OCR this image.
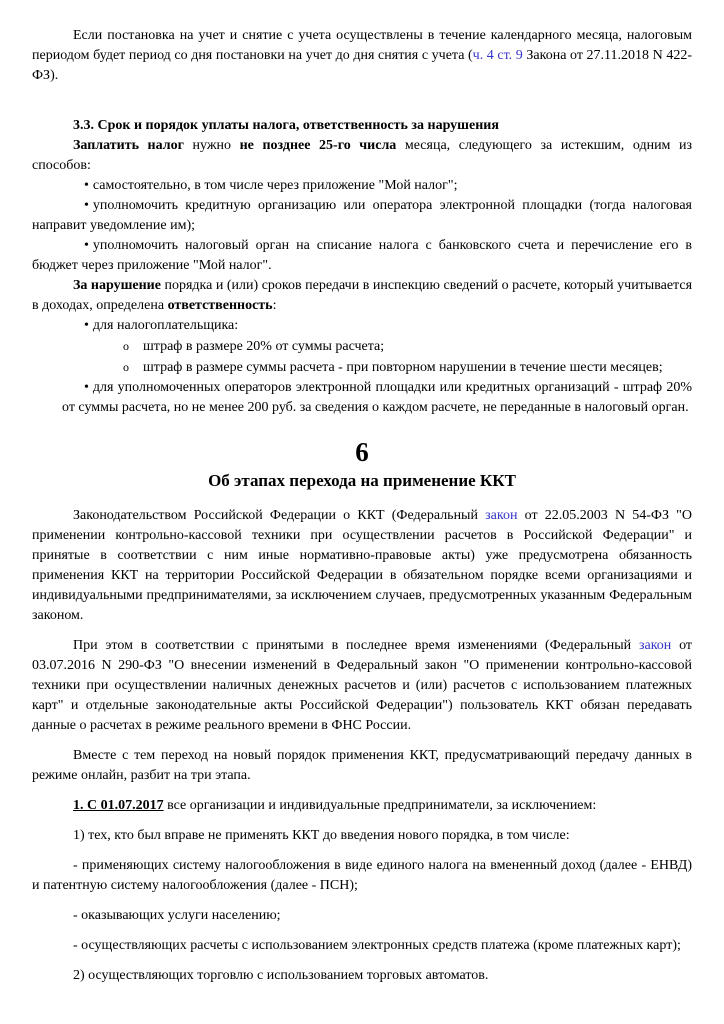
Если постановка на учет и снятие с учета осуществлены в течение календарного месяца, налоговым периодом будет период со дня постановки на учет до дня снятия с учета (ч. 4 ст. 9 Закона от 27.11.2018 N 422-ФЗ).
3.3. Срок и порядок уплаты налога, ответственность за нарушения
Заплатить налог нужно не позднее 25-го числа месяца, следующего за истекшим, одним из способов:
• самостоятельно, в том числе через приложение "Мой налог";
• уполномочить кредитную организацию или оператора электронной площадки (тогда налоговая направит уведомление им);
• уполномочить налоговый орган на списание налога с банковского счета и перечисление его в бюджет через приложение "Мой налог".
За нарушение порядка и (или) сроков передачи в инспекцию сведений о расчете, который учитывается в доходах, определена ответственность:
• для налогоплательщика:
o штраф в размере 20% от суммы расчета;
o штраф в размере суммы расчета - при повторном нарушении в течение шести месяцев;
• для уполномоченных операторов электронной площадки или кредитных организаций - штраф 20% от суммы расчета, но не менее 200 руб. за сведения о каждом расчете, не переданные в налоговый орган.
6
Об этапах перехода на применение ККТ
Законодательством Российской Федерации о ККТ (Федеральный закон от 22.05.2003 N 54-ФЗ "О применении контрольно-кассовой техники при осуществлении расчетов в Российской Федерации" и принятые в соответствии с ним иные нормативно-правовые акты) уже предусмотрена обязанность применения ККТ на территории Российской Федерации в обязательном порядке всеми организациями и индивидуальными предпринимателями, за исключением случаев, предусмотренных указанным Федеральным законом.
При этом в соответствии с принятыми в последнее время изменениями (Федеральный закон от 03.07.2016 N 290-ФЗ "О внесении изменений в Федеральный закон "О применении контрольно-кассовой техники при осуществлении наличных денежных расчетов и (или) расчетов с использованием платежных карт" и отдельные законодательные акты Российской Федерации") пользователь ККТ обязан передавать данные о расчетах в режиме реального времени в ФНС России.
Вместе с тем переход на новый порядок применения ККТ, предусматривающий передачу данных в режиме онлайн, разбит на три этапа.
1. С 01.07.2017 все организации и индивидуальные предприниматели, за исключением:
1) тех, кто был вправе не применять ККТ до введения нового порядка, в том числе:
- применяющих систему налогообложения в виде единого налога на вмененный доход (далее - ЕНВД) и патентную систему налогообложения (далее - ПСН);
- оказывающих услуги населению;
- осуществляющих расчеты с использованием электронных средств платежа (кроме платежных карт);
2) осуществляющих торговлю с использованием торговых автоматов.
